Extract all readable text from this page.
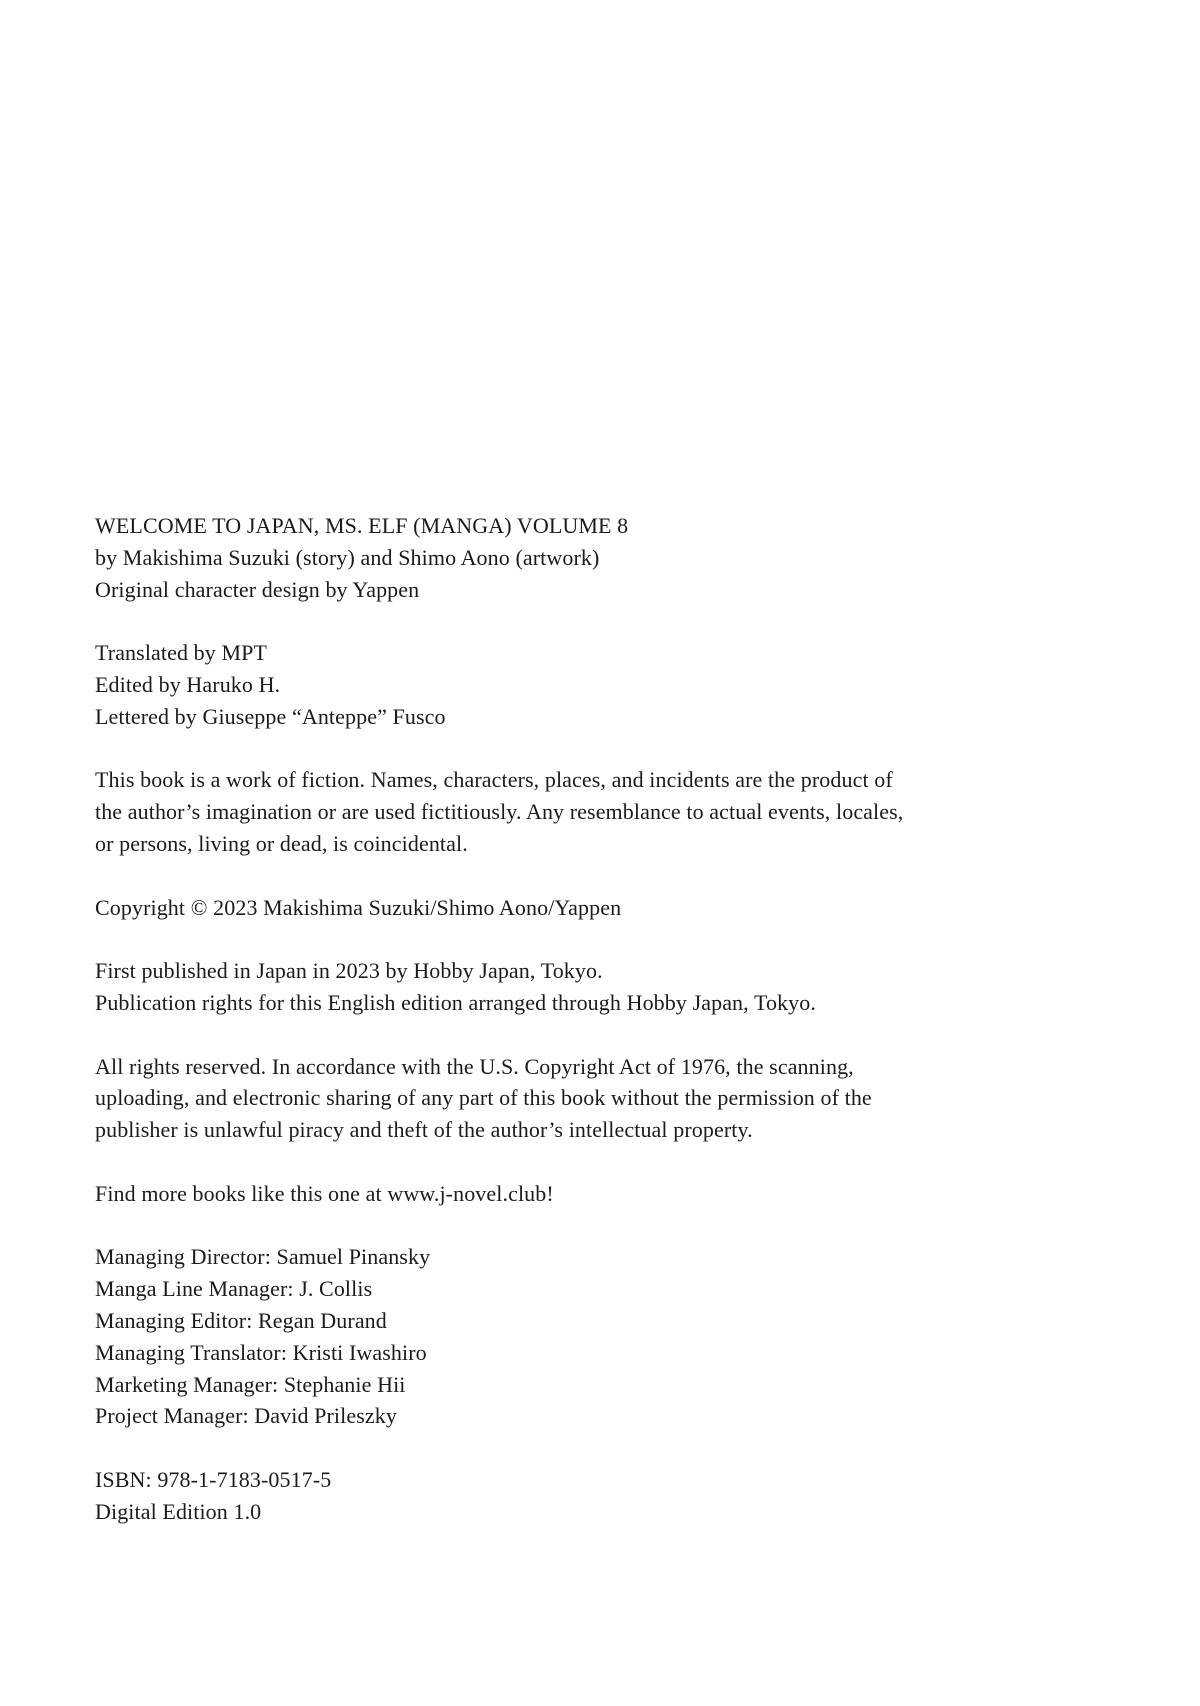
WELCOME TO JAPAN, MS. ELF (MANGA) VOLUME 8

by Makishima Suzuki (story) and Shimo Aono (artwork)

Original character design by Yappen

Translated by MPT

Edited by Haruko H.

Lettered by Giuseppe “Anteppe” Fusco

This book is a work of fiction. Names, characters, places, and incidents are the product of

the author’s imagination or are used fictitiously. Any resemblance to actual events, locales,

or persons, living or dead, is coincidental.

Copyright © 2023 Makishima Suzuki/Shimo Aono/Yappen

First published in Japan in 2023 by Hobby Japan, Tokyo.

Publication rights for this English edition arranged through Hobby Japan, Tokyo.

All rights reserved. In accordance with the U.S. Copyright Act of 1976, the scanning,

uploading, and electronic sharing of any part of this book without the permission of the

publisher is unlawful piracy and theft of the author’s intellectual property.

Find more books like this one at www.j-novel.club!

Managing Director: Samuel Pinansky

Manga Line Manager: J. Collis

Managing Editor: Regan Durand

Managing Translator: Kristi Iwashiro

Marketing Manager: Stephanie Hii

Project Manager: David Prileszky

ISBN: 978-1-7183-0517-5

Digital Edition 1.0
